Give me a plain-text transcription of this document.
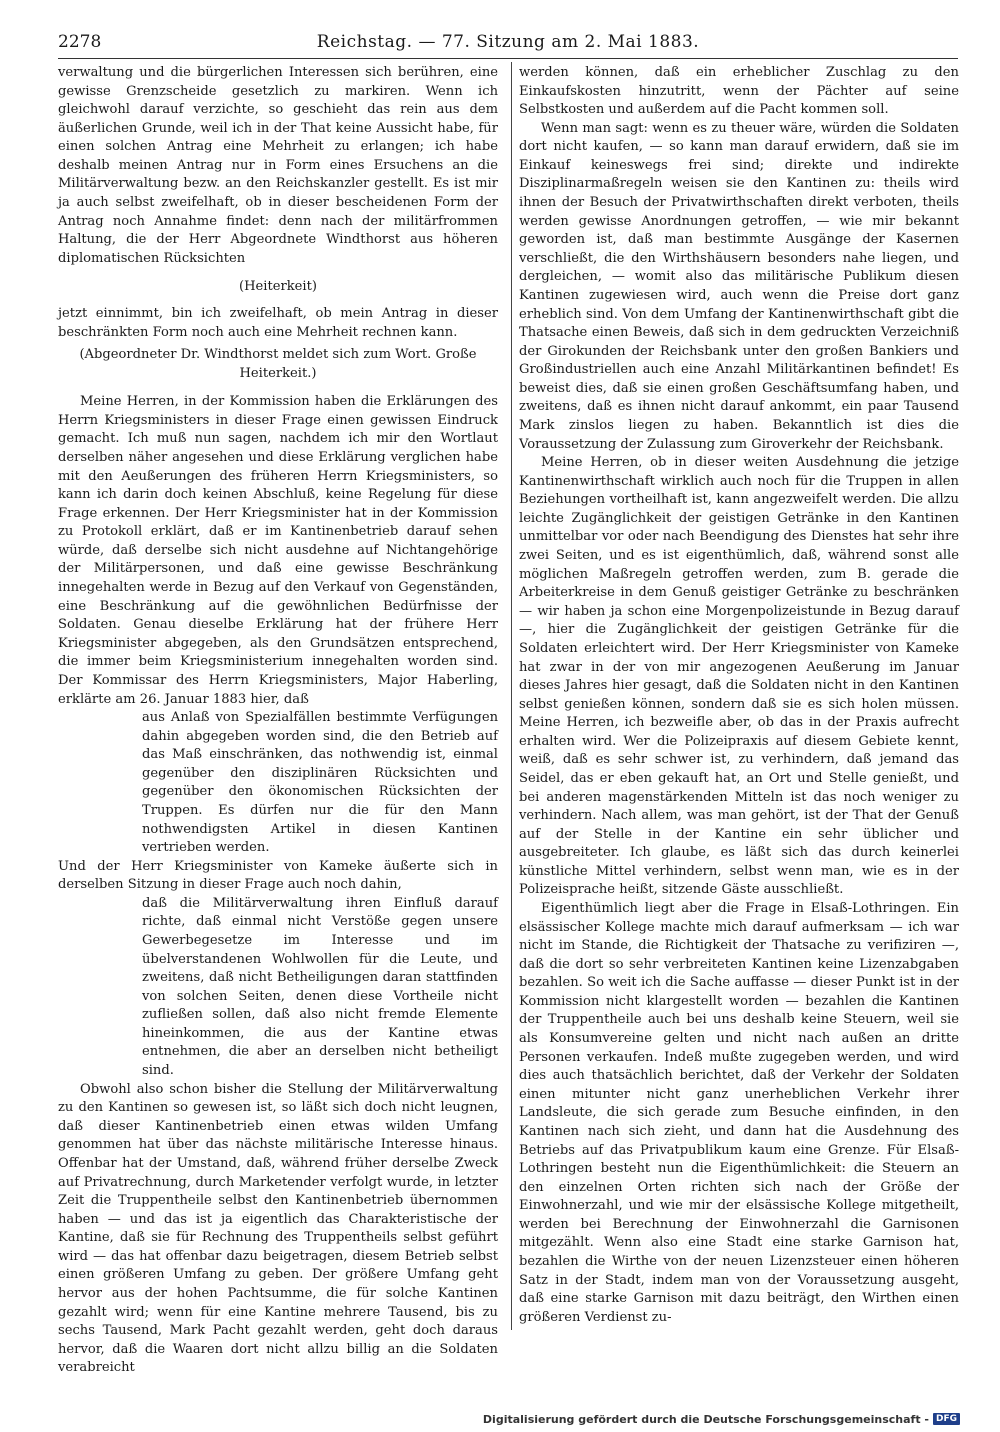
2278	Reichstag. — 77. Sitzung am 2. Mai 1883.

verwaltung und die bürgerlichen Interessen sich berühren, eine gewisse Grenzscheide gesetzlich zu markiren. Wenn ich gleichwohl darauf verzichte, so geschieht das rein aus dem äußerlichen Grunde, weil ich in der That keine Aussicht habe, für einen solchen Antrag eine Mehrheit zu erlangen; ich habe deshalb meinen Antrag nur in Form eines Ersuchens an die Militärverwaltung bezw. an den Reichskanzler gestellt. Es ist mir ja auch selbst zweifelhaft, ob in dieser bescheidenen Form der Antrag noch Annahme findet: denn nach der militärfrommen Haltung, die der Herr Abgeordnete Windthorst aus höheren diplomatischen Rücksichten

(Heiterkeit)

jetzt einnimmt, bin ich zweifelhaft, ob mein Antrag in dieser beschränkten Form noch auch eine Mehrheit rechnen kann.

(Abgeordneter Dr. Windthorst meldet sich zum Wort. Große Heiterkeit.)

Meine Herren, in der Kommission haben die Erklärungen des Herrn Kriegsministers in dieser Frage einen gewissen Eindruck gemacht. Ich muß nun sagen, nachdem ich mir den Wortlaut derselben näher angesehen und diese Erklärung verglichen habe mit den Aeußerungen des früheren Herrn Kriegsministers, so kann ich darin doch keinen Abschluß, keine Regelung für diese Frage erkennen. Der Herr Kriegsminister hat in der Kommission zu Protokoll erklärt, daß er im Kantinenbetrieb darauf sehen würde, daß derselbe sich nicht ausdehne auf Nichtangehörige der Militärpersonen, und daß eine gewisse Beschränkung innegehalten werde in Bezug auf den Verkauf von Gegenständen, eine Beschränkung auf die gewöhnlichen Bedürfnisse der Soldaten. Genau dieselbe Erklärung hat der frühere Herr Kriegsminister abgegeben, als den Grundsätzen entsprechend, die immer beim Kriegsministerium innegehalten worden sind. Der Kommissar des Herrn Kriegsministers, Major Haberling, erklärte am 26. Januar 1883 hier, daß

aus Anlaß von Spezialfällen bestimmte Verfügungen dahin abgegeben worden sind, die den Betrieb auf das Maß einschränken, das nothwendig ist, einmal gegenüber den disziplinären Rücksichten und gegenüber den ökonomischen Rücksichten der Truppen. Es dürfen nur die für den Mann nothwendigsten Artikel in diesen Kantinen vertrieben werden.

Und der Herr Kriegsminister von Kameke äußerte sich in derselben Sitzung in dieser Frage auch noch dahin,

daß die Militärverwaltung ihren Einfluß darauf richte, daß einmal nicht Verstöße gegen unsere Gewerbegesetze im Interesse und im übelverstandenen Wohlwollen für die Leute, und zweitens, daß nicht Betheiligungen daran stattfinden von solchen Seiten, denen diese Vortheile nicht zufließen sollen, daß also nicht fremde Elemente hineinkommen, die aus der Kantine etwas entnehmen, die aber an derselben nicht betheiligt sind.

Obwohl also schon bisher die Stellung der Militärverwaltung zu den Kantinen so gewesen ist, so läßt sich doch nicht leugnen, daß dieser Kantinenbetrieb einen etwas wilden Umfang genommen hat über das nächste militärische Interesse hinaus. Offenbar hat der Umstand, daß, während früher derselbe Zweck auf Privatrechnung, durch Marketender verfolgt wurde, in letzter Zeit die Truppentheile selbst den Kantinenbetrieb übernommen haben — und das ist ja eigentlich das Charakteristische der Kantine, daß sie für Rechnung des Truppentheils selbst geführt wird — das hat offenbar dazu beigetragen, diesem Betrieb selbst einen größeren Umfang zu geben. Der größere Umfang geht hervor aus der hohen Pachtsumme, die für solche Kantinen gezahlt wird; wenn für eine Kantine mehrere Tausend, bis zu sechs Tausend, Mark Pacht gezahlt werden, geht doch daraus hervor, daß die Waaren dort nicht allzu billig an die Soldaten verabreicht

werden können, daß ein erheblicher Zuschlag zu den Einkaufskosten hinzutritt, wenn der Pächter auf seine Selbstkosten und außerdem auf die Pacht kommen soll.

Wenn man sagt: wenn es zu theuer wäre, würden die Soldaten dort nicht kaufen, — so kann man darauf erwidern, daß sie im Einkauf keineswegs frei sind; direkte und indirekte Disziplinarmaßregeln weisen sie den Kantinen zu: theils wird ihnen der Besuch der Privatwirthschaften direkt verboten, theils werden gewisse Anordnungen getroffen, — wie mir bekannt geworden ist, daß man bestimmte Ausgänge der Kasernen verschließt, die den Wirthshäusern besonders nahe liegen, und dergleichen, — womit also das militärische Publikum diesen Kantinen zugewiesen wird, auch wenn die Preise dort ganz erheblich sind. Von dem Umfang der Kantinenwirthschaft gibt die Thatsache einen Beweis, daß sich in dem gedruckten Verzeichniß der Girokunden der Reichsbank unter den großen Bankiers und Großindustriellen auch eine Anzahl Militärkantinen befindet! Es beweist dies, daß sie einen großen Geschäftsumfang haben, und zweitens, daß es ihnen nicht darauf ankommt, ein paar Tausend Mark zinslos liegen zu haben. Bekanntlich ist dies die Voraussetzung der Zulassung zum Giroverkehr der Reichsbank.

Meine Herren, ob in dieser weiten Ausdehnung die jetzige Kantinenwirthschaft wirklich auch noch für die Truppen in allen Beziehungen vortheilhaft ist, kann angezweifelt werden. Die allzu leichte Zugänglichkeit der geistigen Getränke in den Kantinen unmittelbar vor oder nach Beendigung des Dienstes hat sehr ihre zwei Seiten, und es ist eigenthümlich, daß, während sonst alle möglichen Maßregeln getroffen werden, zum B. gerade die Arbeiterkreise in dem Genuß geistiger Getränke zu beschränken — wir haben ja schon eine Morgenpolizeistunde in Bezug darauf —, hier die Zugänglichkeit der geistigen Getränke für die Soldaten erleichtert wird. Der Herr Kriegsminister von Kameke hat zwar in der von mir angezogenen Aeußerung im Januar dieses Jahres hier gesagt, daß die Soldaten nicht in den Kantinen selbst genießen können, sondern daß sie es sich holen müssen. Meine Herren, ich bezweifle aber, ob das in der Praxis aufrecht erhalten wird. Wer die Polizeipraxis auf diesem Gebiete kennt, weiß, daß es sehr schwer ist, zu verhindern, daß jemand das Seidel, das er eben gekauft hat, an Ort und Stelle genießt, und bei anderen magenstärkenden Mitteln ist das noch weniger zu verhindern. Nach allem, was man gehört, ist der That der Genuß auf der Stelle in der Kantine ein sehr üblicher und ausgebreiteter. Ich glaube, es läßt sich das durch keinerlei künstliche Mittel verhindern, selbst wenn man, wie es in der Polizeisprache heißt, sitzende Gäste ausschließt.

Eigenthümlich liegt aber die Frage in Elsaß-Lothringen. Ein elsässischer Kollege machte mich darauf aufmerksam — ich war nicht im Stande, die Richtigkeit der Thatsache zu verifiziren —, daß die dort so sehr verbreiteten Kantinen keine Lizenzabgaben bezahlen. So weit ich die Sache auffasse — dieser Punkt ist in der Kommission nicht klargestellt worden — bezahlen die Kantinen der Truppentheile auch bei uns deshalb keine Steuern, weil sie als Konsumvereine gelten und nicht nach außen an dritte Personen verkaufen. Indeß mußte zugegeben werden, und wird dies auch thatsächlich berichtet, daß der Verkehr der Soldaten einen mitunter nicht ganz unerheblichen Verkehr ihrer Landsleute, die sich gerade zum Besuche einfinden, in den Kantinen nach sich zieht, und dann hat die Ausdehnung des Betriebs auf das Privatpublikum kaum eine Grenze. Für Elsaß-Lothringen besteht nun die Eigenthümlichkeit: die Steuern an den einzelnen Orten richten sich nach der Größe der Einwohnerzahl, und wie mir der elsässische Kollege mitgetheilt, werden bei Berechnung der Einwohnerzahl die Garnisonen mitgezählt. Wenn also eine Stadt eine starke Garnison hat, bezahlen die Wirthe von der neuen Lizenzsteuer einen höheren Satz in der Stadt, indem man von der Voraussetzung ausgeht, daß eine starke Garnison mit dazu beiträgt, den Wirthen einen größeren Verdienst zu-

Digitalisierung gefördert durch die Deutsche Forschungsgemeinschaft - DFG
